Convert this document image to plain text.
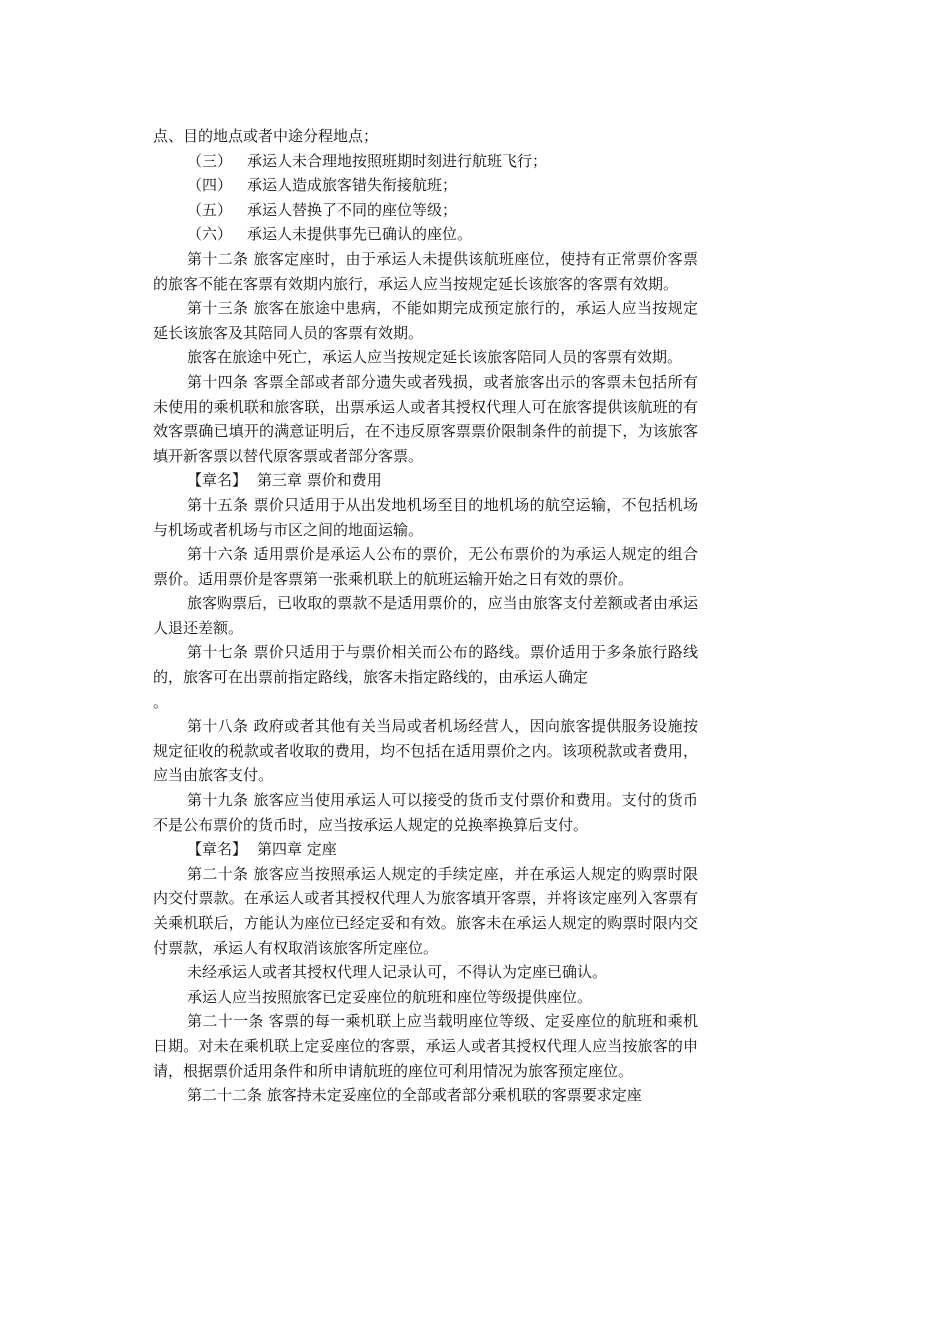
点、目的地点或者中途分程地点；

（三） 承运人未合理地按照班期时刻进行航班飞行；

（四） 承运人造成旅客错失衔接航班；

（五） 承运人替换了不同的座位等级；

（六） 承运人未提供事先已确认的座位。

第十二条 旅客定座时，由于承运人未提供该航班座位，使持有正常票价客票的旅客不能在客票有效期内旅行，承运人应当按规定延长该旅客的客票有效期。

第十三条 旅客在旅途中患病，不能如期完成预定旅行的，承运人应当按规定延长该旅客及其陪同人员的客票有效期。

旅客在旅途中死亡，承运人应当按规定延长该旅客陪同人员的客票有效期。

第十四条 客票全部或者部分遗失或者残损，或者旅客出示的客票未包括所有未使用的乘机联和旅客联，出票承运人或者其授权代理人可在旅客提供该航班的有效客票确已填开的满意证明后，在不违反原客票票价限制条件的前提下，为该旅客填开新客票以替代原客票或者部分客票。

【章名】 第三章 票价和费用

第十五条 票价只适用于从出发地机场至目的地机场的航空运输，不包括机场与机场或者机场与市区之间的地面运输。

第十六条 适用票价是承运人公布的票价，无公布票价的为承运人规定的组合票价。适用票价是客票第一张乘机联上的航班运输开始之日有效的票价。

旅客购票后，已收取的票款不是适用票价的，应当由旅客支付差额或者由承运人退还差额。

第十七条 票价只适用于与票价相关而公布的路线。票价适用于多条旅行路线的，旅客可在出票前指定路线，旅客未指定路线的，由承运人确定

。

第十八条 政府或者其他有关当局或者机场经营人，因向旅客提供服务设施按规定征收的税款或者收取的费用，均不包括在适用票价之内。该项税款或者费用，应当由旅客支付。

第十九条 旅客应当使用承运人可以接受的货币支付票价和费用。支付的货币不是公布票价的货币时，应当按承运人规定的兑换率换算后支付。

【章名】 第四章 定座

第二十条 旅客应当按照承运人规定的手续定座，并在承运人规定的购票时限内交付票款。在承运人或者其授权代理人为旅客填开客票，并将该定座列入客票有关乘机联后，方能认为座位已经定妥和有效。旅客未在承运人规定的购票时限内交付票款，承运人有权取消该旅客所定座位。

未经承运人或者其授权代理人记录认可，不得认为定座已确认。

承运人应当按照旅客已定妥座位的航班和座位等级提供座位。

第二十一条 客票的每一乘机联上应当载明座位等级、定妥座位的航班和乘机日期。对未在乘机联上定妥座位的客票，承运人或者其授权代理人应当按旅客的申请，根据票价适用条件和所申请航班的座位可利用情况为旅客预定座位。

第二十二条 旅客持未定妥座位的全部或者部分乘机联的客票要求定座
